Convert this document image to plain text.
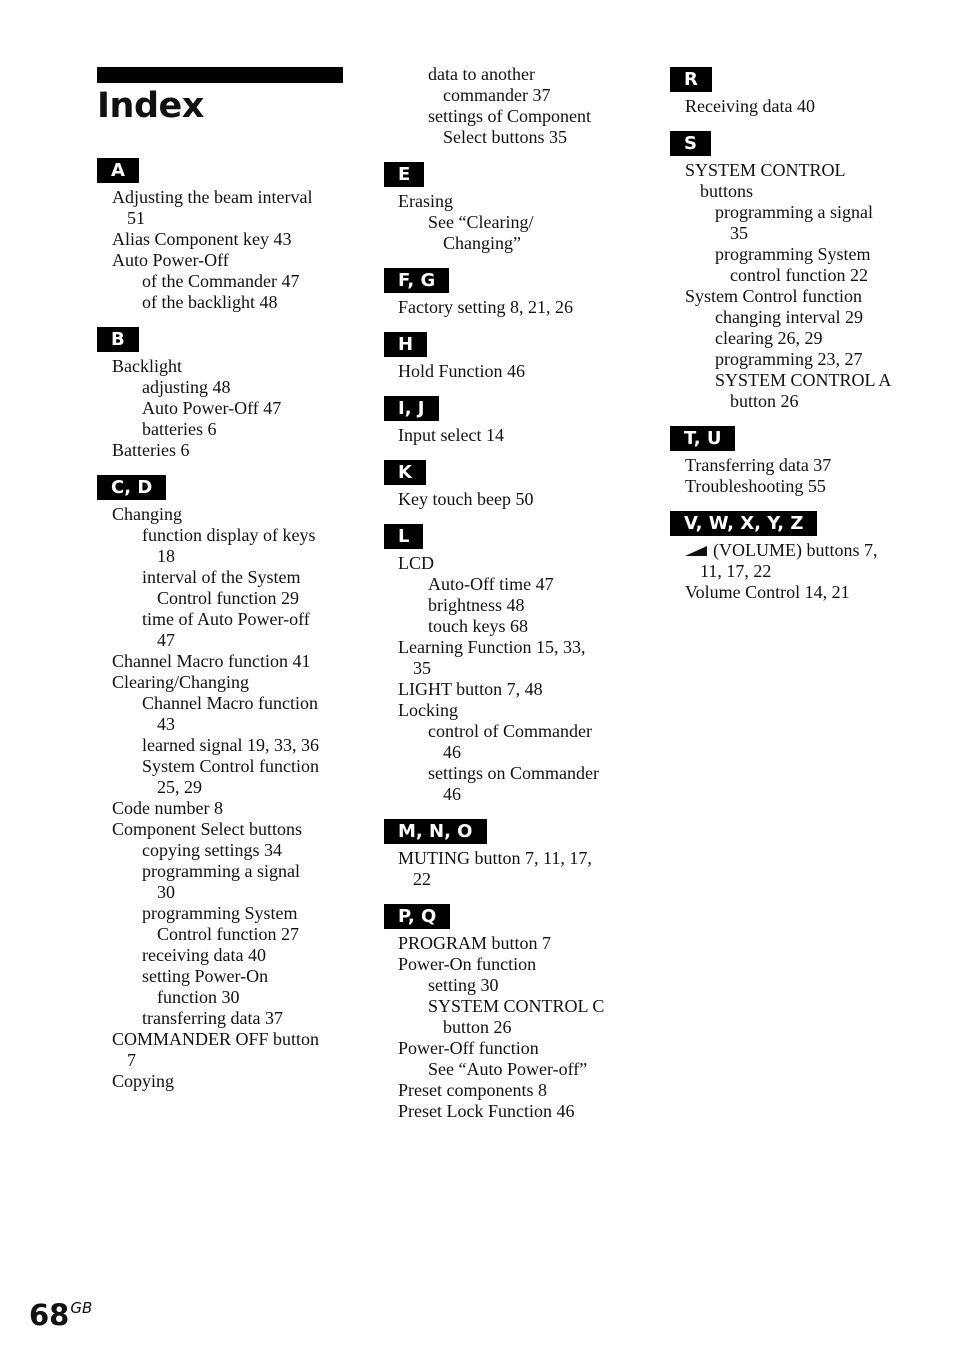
Index
A
Adjusting the beam interval
51
Alias Component key 43
Auto Power-Off
of the Commander 47
of the backlight 48
B
Backlight
adjusting 48
Auto Power-Off 47
batteries 6
Batteries 6
C, D
Changing
function display of keys
18
interval of the System
Control function 29
time of Auto Power-off
47
Channel Macro function 41
Clearing/Changing
Channel Macro function
43
learned signal 19, 33, 36
System Control function
25, 29
Code number 8
Component Select buttons
copying settings 34
programming a signal
30
programming System
Control function 27
receiving data 40
setting Power-On
function 30
transferring data 37
COMMANDER OFF button
7
Copying
data to another
commander 37
settings of Component
Select buttons 35
E
Erasing
See “Clearing/
Changing”
F, G
Factory setting 8, 21, 26
H
Hold Function 46
I, J
Input select 14
K
Key touch beep 50
L
LCD
Auto-Off time 47
brightness 48
touch keys 68
Learning Function 15, 33,
35
LIGHT button 7, 48
Locking
control of Commander
46
settings on Commander
46
M, N, O
MUTING button 7, 11, 17,
22
P, Q
PROGRAM button 7
Power-On function
setting 30
SYSTEM CONTROL C
button 26
Power-Off function
See “Auto Power-off”
Preset components 8
Preset Lock Function 46
R
Receiving data 40
S
SYSTEM CONTROL
buttons
programming a signal
35
programming System
control function 22
System Control function
changing interval 29
clearing 26, 29
programming 23, 27
SYSTEM CONTROL A
button 26
T, U
Transferring data 37
Troubleshooting 55
V, W, X, Y, Z
(VOLUME) buttons 7,
11, 17, 22
Volume Control 14, 21
$68^{GB}$
